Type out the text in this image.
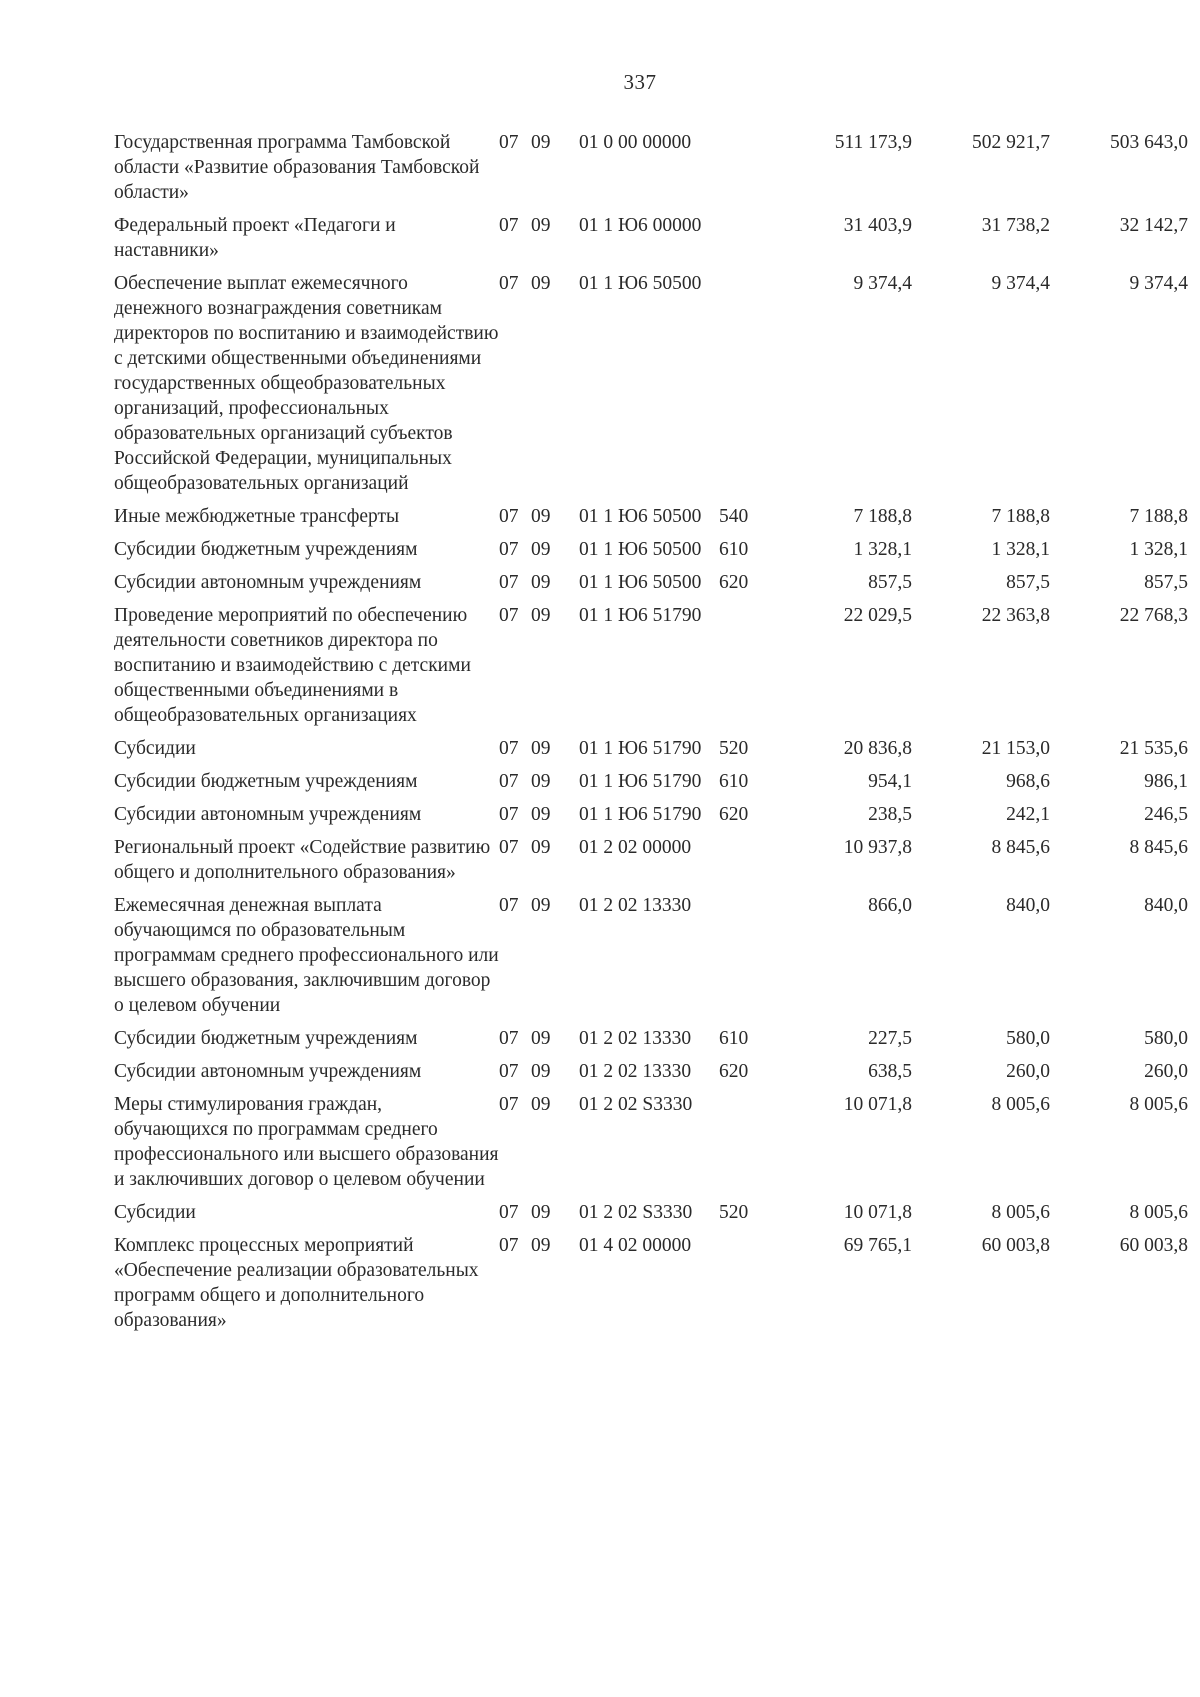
337
Государственная программа Тамбовской области «Развитие образования Тамбовской области»	07	09	01 0 00 00000		511 173,9	502 921,7	503 643,0
Федеральный проект «Педагоги и наставники»	07	09	01 1 Ю6 00000		31 403,9	31 738,2	32 142,7
Обеспечение выплат ежемесячного денежного вознаграждения советникам директоров по воспитанию и взаимодействию с детскими общественными объединениями государственных общеобразовательных организаций, профессиональных образовательных организаций субъектов Российской Федерации, муниципальных общеобразовательных организаций	07	09	01 1 Ю6 50500		9 374,4	9 374,4	9 374,4
Иные межбюджетные трансферты	07	09	01 1 Ю6 50500	540	7 188,8	7 188,8	7 188,8
Субсидии бюджетным учреждениям	07	09	01 1 Ю6 50500	610	1 328,1	1 328,1	1 328,1
Субсидии автономным учреждениям	07	09	01 1 Ю6 50500	620	857,5	857,5	857,5
Проведение мероприятий по обеспечению деятельности советников директора по воспитанию и взаимодействию с детскими общественными объединениями в общеобразовательных организациях	07	09	01 1 Ю6 51790		22 029,5	22 363,8	22 768,3
Субсидии	07	09	01 1 Ю6 51790	520	20 836,8	21 153,0	21 535,6
Субсидии бюджетным учреждениям	07	09	01 1 Ю6 51790	610	954,1	968,6	986,1
Субсидии автономным учреждениям	07	09	01 1 Ю6 51790	620	238,5	242,1	246,5
Региональный проект «Содействие развитию общего и дополнительного образования»	07	09	01 2 02 00000		10 937,8	8 845,6	8 845,6
Ежемесячная денежная выплата обучающимся по образовательным программам среднего профессионального или высшего образования, заключившим договор о целевом обучении	07	09	01 2 02 13330		866,0	840,0	840,0
Субсидии бюджетным учреждениям	07	09	01 2 02 13330	610	227,5	580,0	580,0
Субсидии автономным учреждениям	07	09	01 2 02 13330	620	638,5	260,0	260,0
Меры стимулирования граждан, обучающихся по программам среднего профессионального или высшего образования и заключивших договор о целевом обучении	07	09	01 2 02 S3330		10 071,8	8 005,6	8 005,6
Субсидии	07	09	01 2 02 S3330	520	10 071,8	8 005,6	8 005,6
Комплекс процессных мероприятий «Обеспечение реализации образовательных программ общего и дополнительного образования»	07	09	01 4 02 00000		69 765,1	60 003,8	60 003,8
